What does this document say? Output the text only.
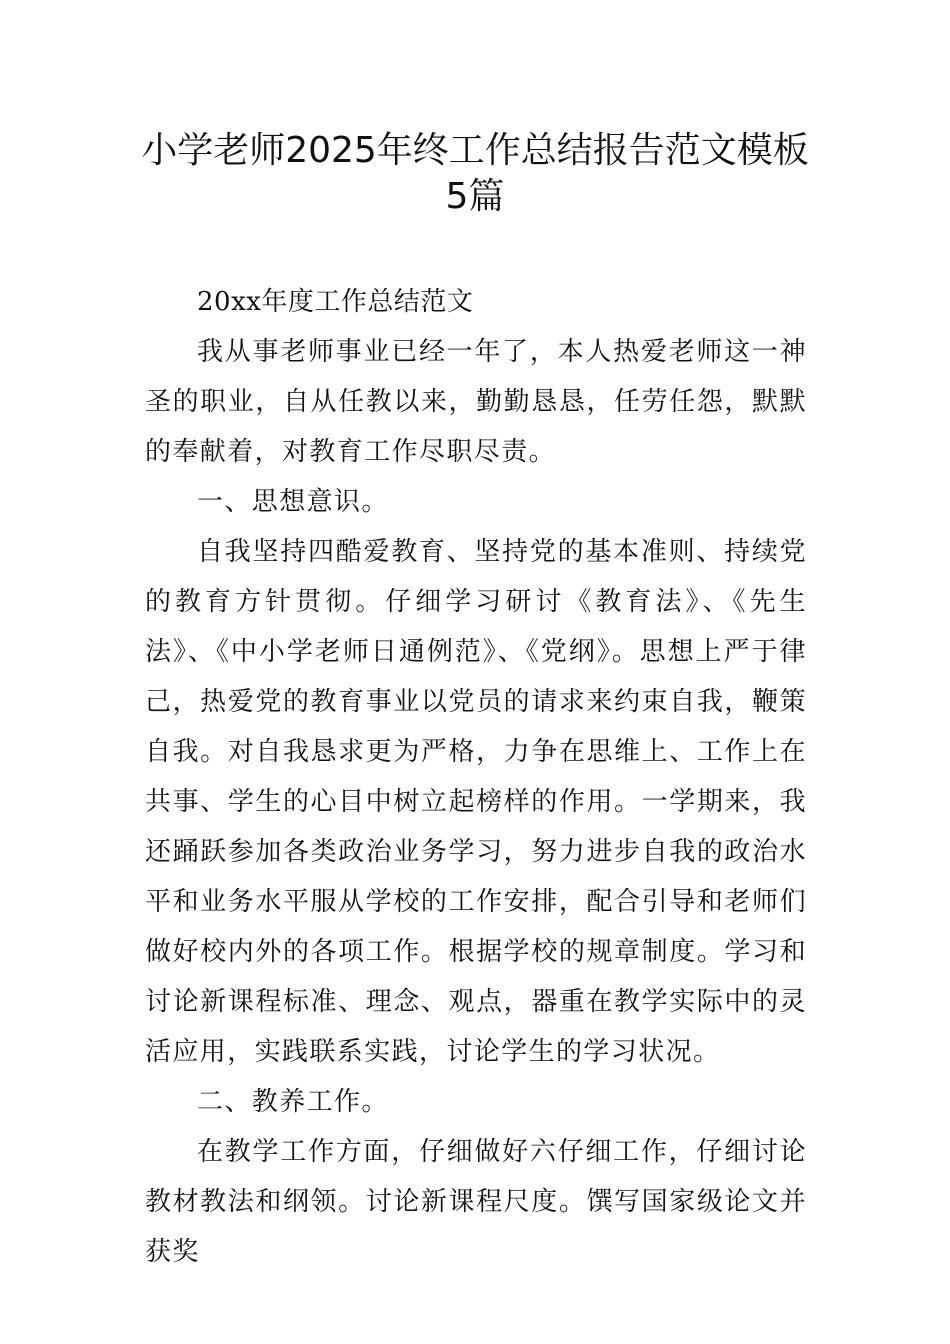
小学老师2025年终工作总结报告范文模板
5篇

20xx年度工作总结范文

我从事老师事业已经一年了，本人热爱老师这一神圣的职业，自从任教以来，勤勤恳恳，任劳任怨，默默的奉献着，对教育工作尽职尽责。

一、思想意识。

自我坚持四酷爱教育、坚持党的基本准则、持续党的教育方针贯彻。仔细学习研讨《教育法》、《先生法》、《中小学老师日通例范》、《党纲》。思想上严于律己，热爱党的教育事业以党员的请求来约束自我，鞭策自我。对自我恳求更为严格，力争在思维上、工作上在共事、学生的心目中树立起榜样的作用。一学期来，我还踊跃参加各类政治业务学习，努力进步自我的政治水平和业务水平服从学校的工作安排，配合引导和老师们做好校内外的各项工作。根据学校的规章制度。学习和讨论新课程标准、理念、观点，器重在教学实际中的灵活应用，实践联系实践，讨论学生的学习状况。

二、教养工作。

在教学工作方面，仔细做好六仔细工作，仔细讨论教材教法和纲领。讨论新课程尺度。馔写国家级论文并获奖
